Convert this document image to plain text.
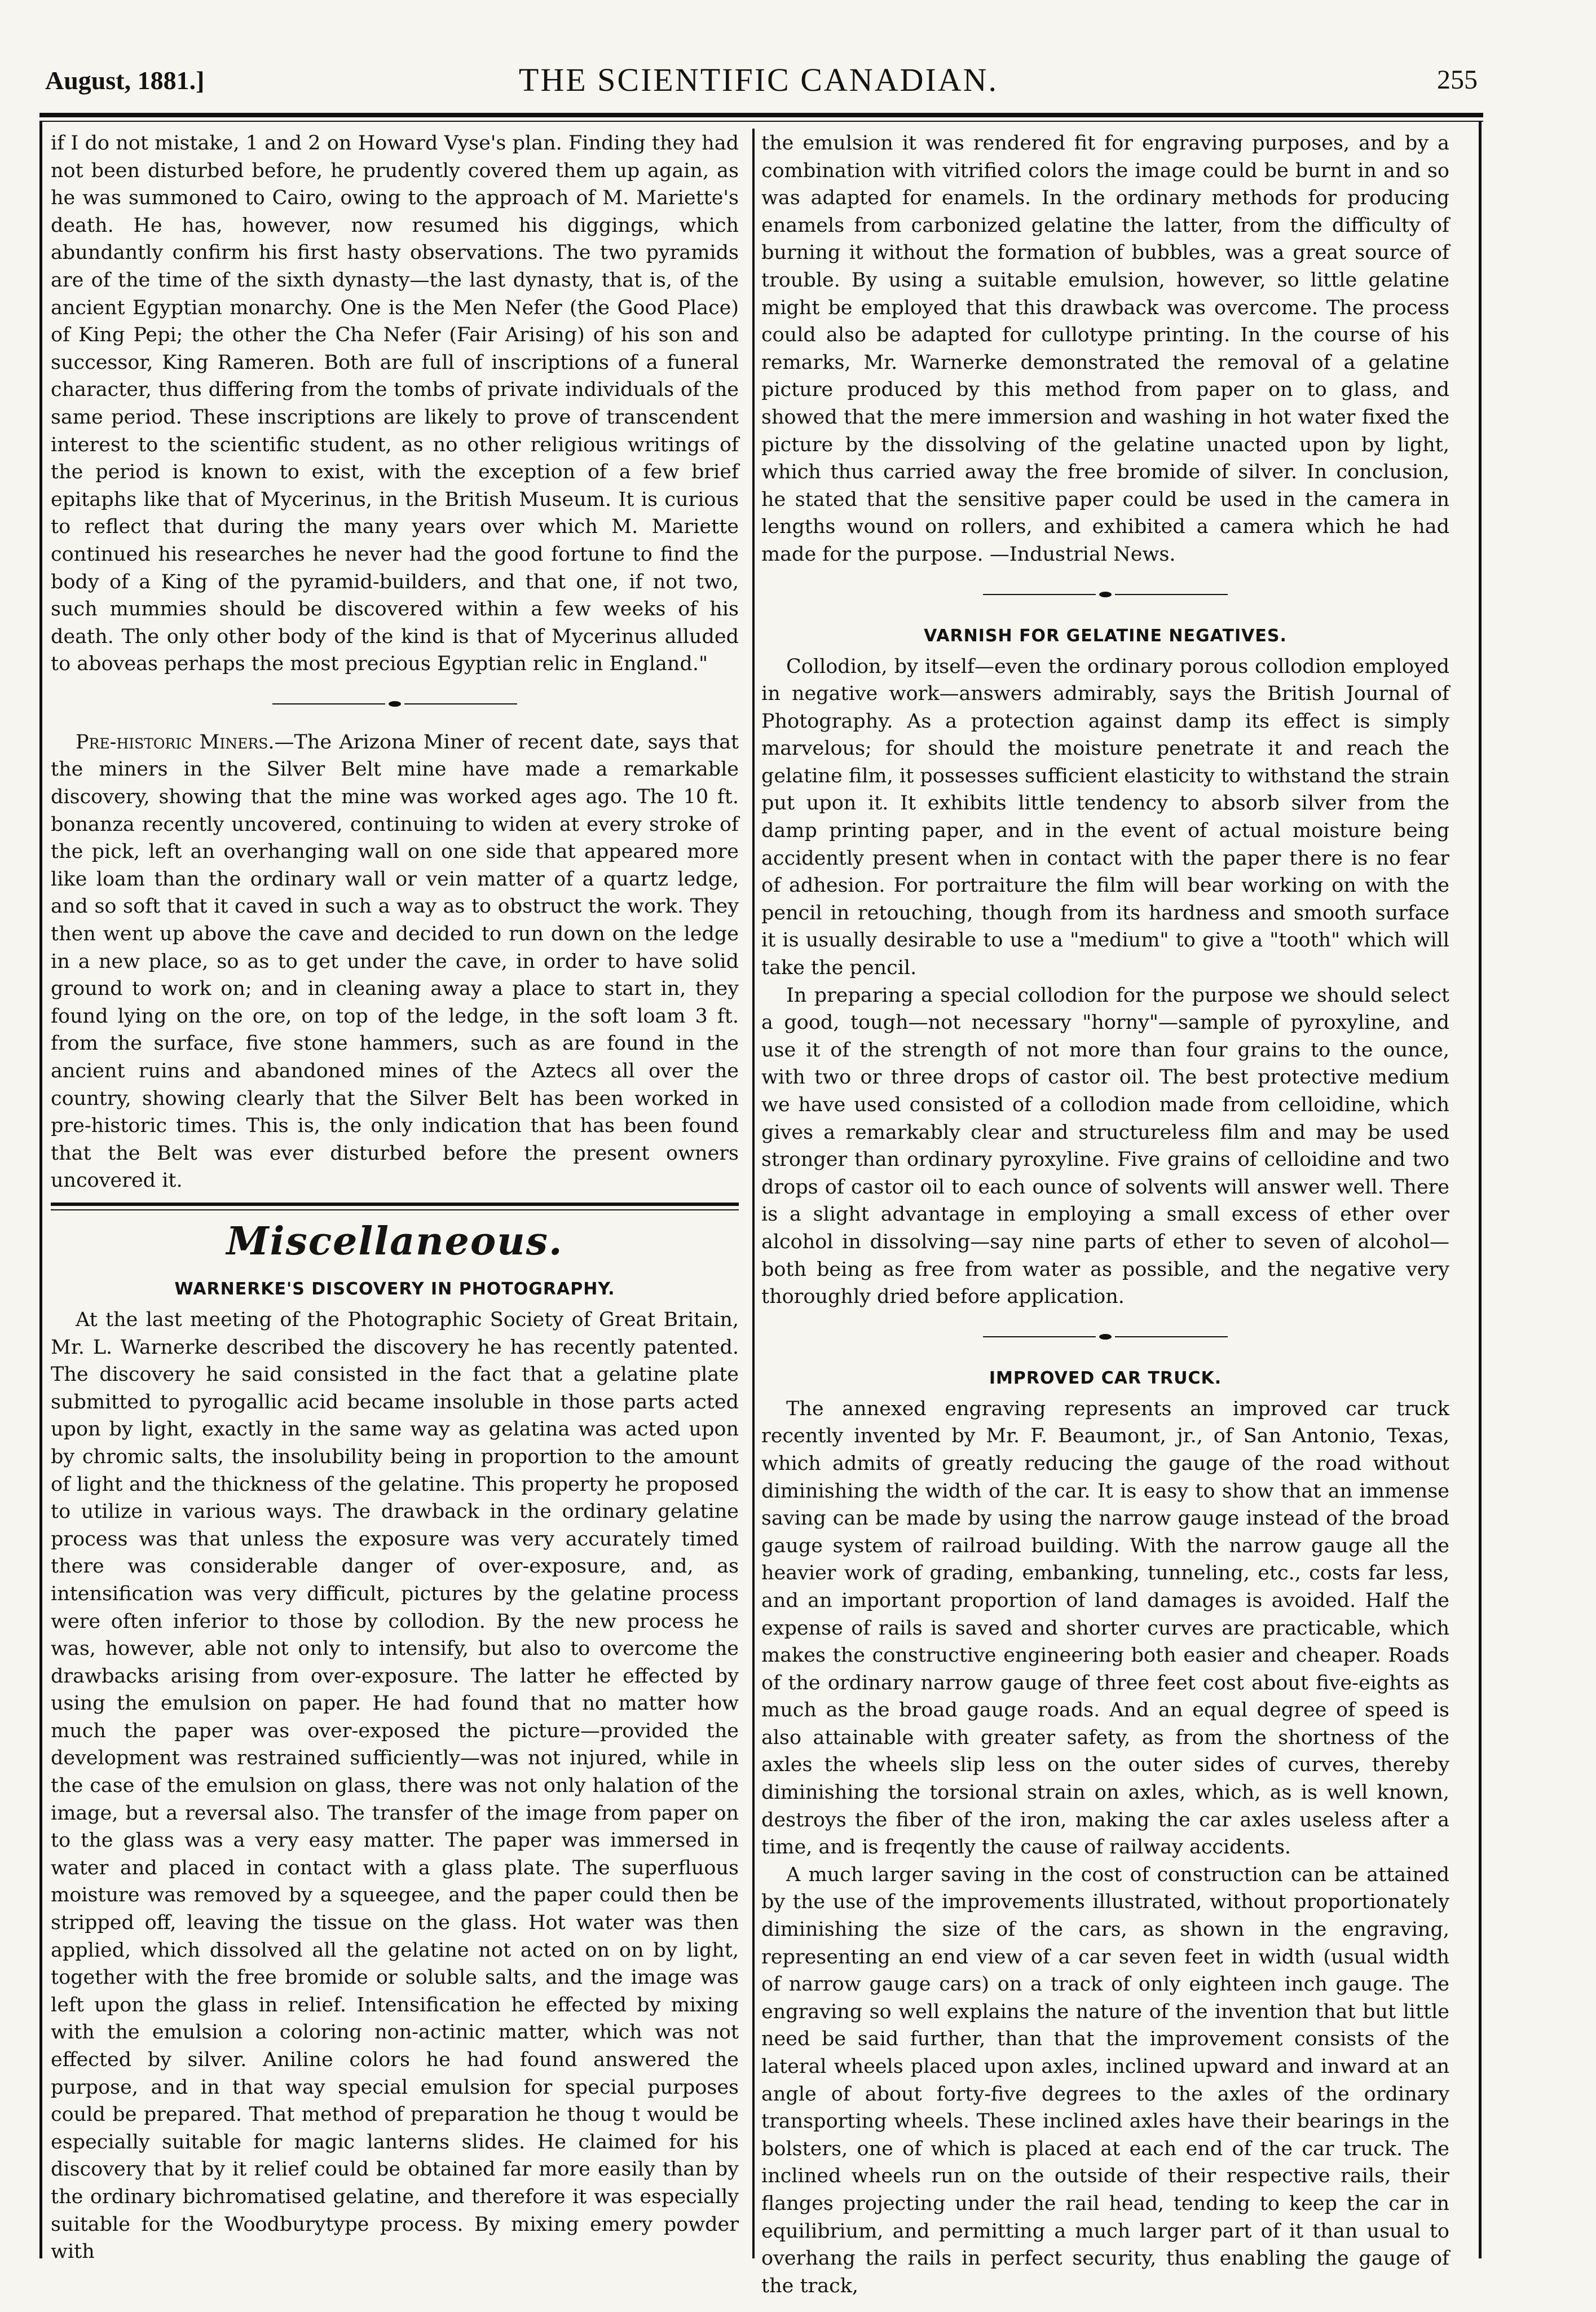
August, 1881.]	THE SCIENTIFIC CANADIAN.	255

if I do not mistake, 1 and 2 on Howard Vyse's plan. Finding they had not been disturbed before, he prudently covered them up again, as he was summoned to Cairo, owing to the approach of M. Mariette's death. He has, however, now resumed his diggings, which abundantly confirm his first hasty observations. The two pyramids are of the time of the sixth dynasty—the last dynasty, that is, of the ancient Egyptian monarchy. One is the Men Nefer (the Good Place) of King Pepi; the other the Cha Nefer (Fair Arising) of his son and successor, King Rameren. Both are full of inscriptions of a funeral character, thus differing from the tombs of private individuals of the same period. These inscriptions are likely to prove of transcendent interest to the scientific student, as no other religious writings of the period is known to exist, with the exception of a few brief epitaphs like that of Mycerinus, in the British Museum. It is curious to reflect that during the many years over which M. Mariette continued his researches he never had the good fortune to find the body of a King of the pyramid-builders, and that one, if not two, such mummies should be discovered within a few weeks of his death. The only other body of the kind is that of Mycerinus alluded to aboveas perhaps the most precious Egyptian relic in England."

Pre-historic Miners.—The Arizona Miner of recent date, says that the miners in the Silver Belt mine have made a remarkable discovery, showing that the mine was worked ages ago. The 10 ft. bonanza recently uncovered, continuing to widen at every stroke of the pick, left an overhanging wall on one side that appeared more like loam than the ordinary wall or vein matter of a quartz ledge, and so soft that it caved in such a way as to obstruct the work. They then went up above the cave and decided to run down on the ledge in a new place, so as to get under the cave, in order to have solid ground to work on; and in cleaning away a place to start in, they found lying on the ore, on top of the ledge, in the soft loam 3 ft. from the surface, five stone hammers, such as are found in the ancient ruins and abandoned mines of the Aztecs all over the country, showing clearly that the Silver Belt has been worked in pre-historic times. This is, the only indication that has been found that the Belt was ever disturbed before the present owners uncovered it.

Miscellaneous.
WARNERKE'S DISCOVERY IN PHOTOGRAPHY.

At the last meeting of the Photographic Society of Great Britain, Mr. L. Warnerke described the discovery he has recently patented. The discovery he said consisted in the fact that a gelatine plate submitted to pyrogallic acid became insoluble in those parts acted upon by light, exactly in the same way as gelatina was acted upon by chromic salts, the insolubility being in proportion to the amount of light and the thickness of the gelatine. This property he proposed to utilize in various ways. The drawback in the ordinary gelatine process was that unless the exposure was very accurately timed there was considerable danger of over-exposure, and, as intensification was very difficult, pictures by the gelatine process were often inferior to those by collodion. By the new process he was, however, able not only to intensify, but also to overcome the drawbacks arising from over-exposure. The latter he effected by using the emulsion on paper. He had found that no matter how much the paper was over-exposed the picture—provided the development was restrained sufficiently—was not injured, while in the case of the emulsion on glass, there was not only halation of the image, but a reversal also. The transfer of the image from paper on to the glass was a very easy matter. The paper was immersed in water and placed in contact with a glass plate. The superfluous moisture was removed by a squeegee, and the paper could then be stripped off, leaving the tissue on the glass. Hot water was then applied, which dissolved all the gelatine not acted on on by light, together with the free bromide or soluble salts, and the image was left upon the glass in relief. Intensification he effected by mixing with the emulsion a coloring non-actinic matter, which was not effected by silver. Aniline colors he had found answered the purpose, and in that way special emulsion for special purposes could be prepared. That method of preparation he thoug t would be especially suitable for magic lanterns slides. He claimed for his discovery that by it relief could be obtained far more easily than by the ordinary bichromatised gelatine, and therefore it was especially suitable for the Woodburytype process. By mixing emery powder with

the emulsion it was rendered fit for engraving purposes, and by a combination with vitrified colors the image could be burnt in and so was adapted for enamels. In the ordinary methods for producing enamels from carbonized gelatine the latter, from the difficulty of burning it without the formation of bubbles, was a great source of trouble. By using a suitable emulsion, however, so little gelatine might be employed that this drawback was overcome. The process could also be adapted for cullotype printing. In the course of his remarks, Mr. Warnerke demonstrated the removal of a gelatine picture produced by this method from paper on to glass, and showed that the mere immersion and washing in hot water fixed the picture by the dissolving of the gelatine unacted upon by light, which thus carried away the free bromide of silver. In conclusion, he stated that the sensitive paper could be used in the camera in lengths wound on rollers, and exhibited a camera which he had made for the purpose. —Industrial News.

VARNISH FOR GELATINE NEGATIVES.

Collodion, by itself—even the ordinary porous collodion employed in negative work—answers admirably, says the British Journal of Photography. As a protection against damp its effect is simply marvelous; for should the moisture penetrate it and reach the gelatine film, it possesses sufficient elasticity to withstand the strain put upon it. It exhibits little tendency to absorb silver from the damp printing paper, and in the event of actual moisture being accidently present when in contact with the paper there is no fear of adhesion. For portraiture the film will bear working on with the pencil in retouching, though from its hardness and smooth surface it is usually desirable to use a "medium" to give a "tooth" which will take the pencil.

In preparing a special collodion for the purpose we should select a good, tough—not necessary "horny"—sample of pyroxyline, and use it of the strength of not more than four grains to the ounce, with two or three drops of castor oil. The best protective medium we have used consisted of a collodion made from celloidine, which gives a remarkably clear and structureless film and may be used stronger than ordinary pyroxyline. Five grains of celloidine and two drops of castor oil to each ounce of solvents will answer well. There is a slight advantage in employing a small excess of ether over alcohol in dissolving—say nine parts of ether to seven of alcohol—both being as free from water as possible, and the negative very thoroughly dried before application.

IMPROVED CAR TRUCK.

The annexed engraving represents an improved car truck recently invented by Mr. F. Beaumont, jr., of San Antonio, Texas, which admits of greatly reducing the gauge of the road without diminishing the width of the car. It is easy to show that an immense saving can be made by using the narrow gauge instead of the broad gauge system of railroad building. With the narrow gauge all the heavier work of grading, embanking, tunneling, etc., costs far less, and an important proportion of land damages is avoided. Half the expense of rails is saved and shorter curves are practicable, which makes the constructive engineering both easier and cheaper. Roads of the ordinary narrow gauge of three feet cost about five-eights as much as the broad gauge roads. And an equal degree of speed is also attainable with greater safety, as from the shortness of the axles the wheels slip less on the outer sides of curves, thereby diminishing the torsional strain on axles, which, as is well known, destroys the fiber of the iron, making the car axles useless after a time, and is freqently the cause of railway accidents.

A much larger saving in the cost of construction can be attained by the use of the improvements illustrated, without proportionately diminishing the size of the cars, as shown in the engraving, representing an end view of a car seven feet in width (usual width of narrow gauge cars) on a track of only eighteen inch gauge. The engraving so well explains the nature of the invention that but little need be said further, than that the improvement consists of the lateral wheels placed upon axles, inclined upward and inward at an angle of about forty-five degrees to the axles of the ordinary transporting wheels. These inclined axles have their bearings in the bolsters, one of which is placed at each end of the car truck. The inclined wheels run on the outside of their respective rails, their flanges projecting under the rail head, tending to keep the car in equilibrium, and permitting a much larger part of it than usual to overhang the rails in perfect security, thus enabling the gauge of the track,
